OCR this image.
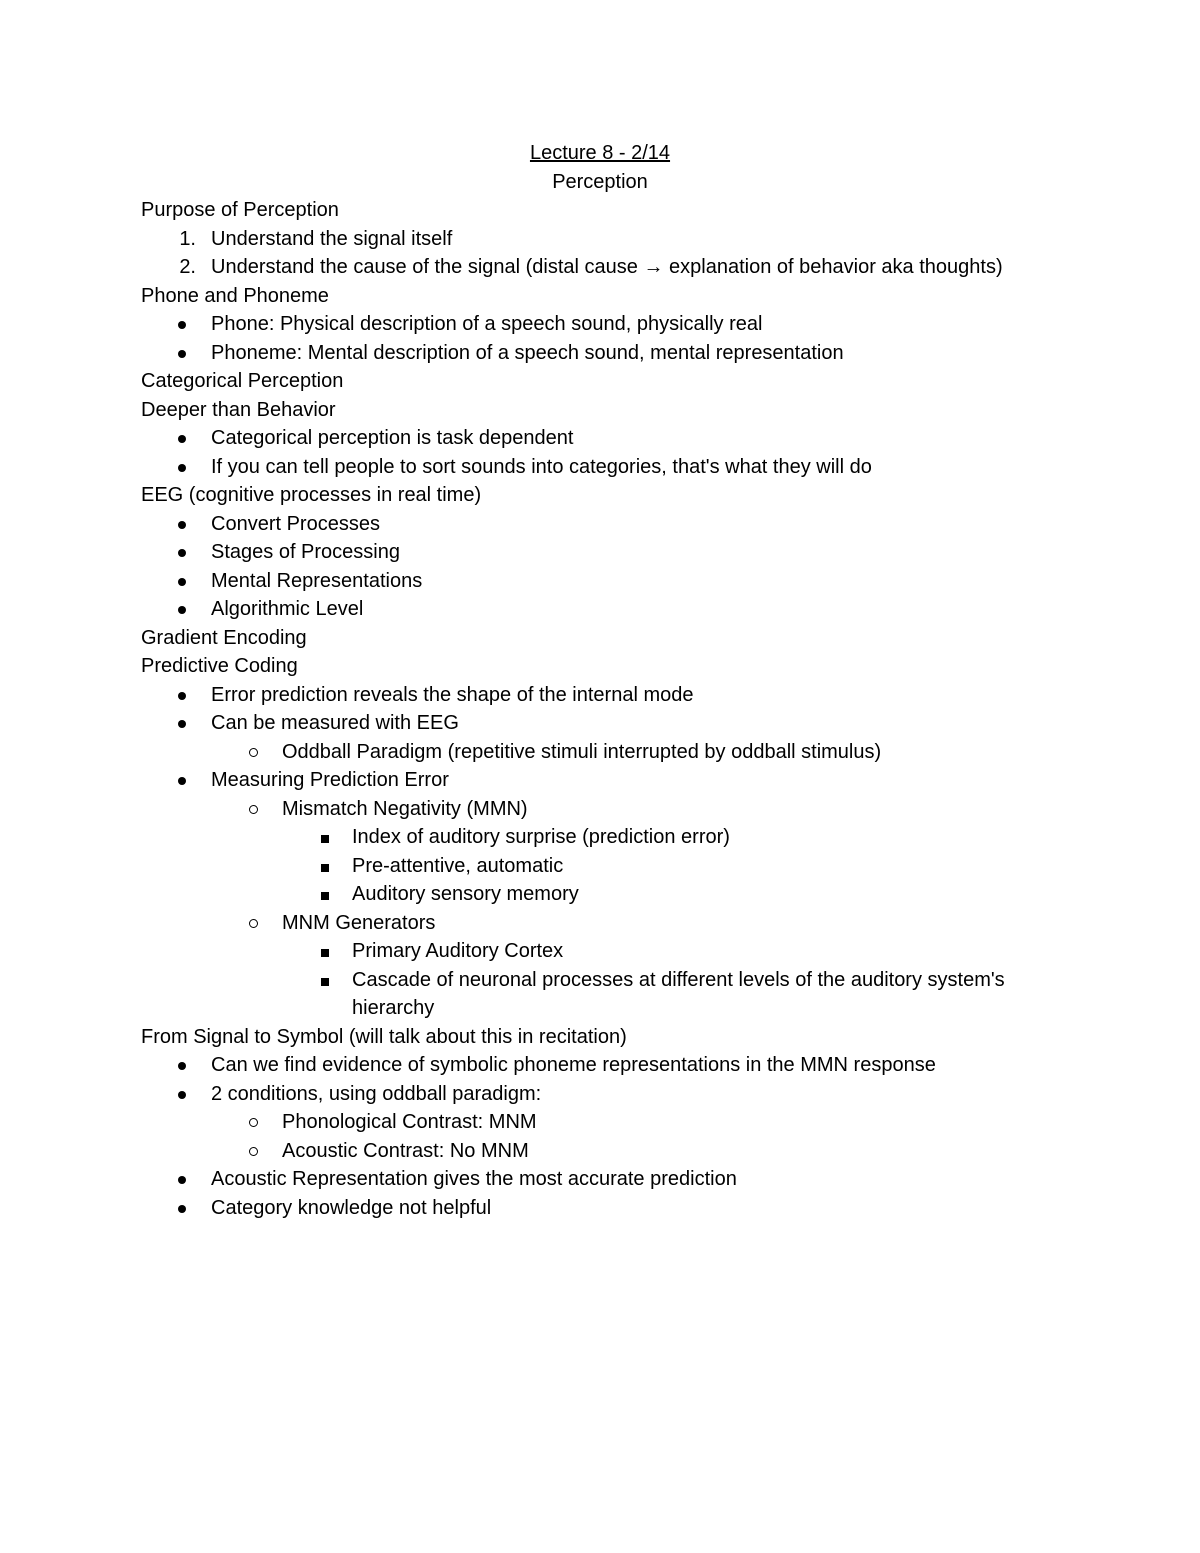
Lecture 8 - 2/14
Perception
Purpose of Perception
1. Understand the signal itself
2. Understand the cause of the signal (distal cause → explanation of behavior aka thoughts)
Phone and Phoneme
Phone: Physical description of a speech sound, physically real
Phoneme: Mental description of a speech sound, mental representation
Categorical Perception
Deeper than Behavior
Categorical perception is task dependent
If you can tell people to sort sounds into categories, that's what they will do
EEG (cognitive processes in real time)
Convert Processes
Stages of Processing
Mental Representations
Algorithmic Level
Gradient Encoding
Predictive Coding
Error prediction reveals the shape of the internal mode
Can be measured with EEG
Oddball Paradigm (repetitive stimuli interrupted by oddball stimulus)
Measuring Prediction Error
Mismatch Negativity (MMN)
Index of auditory surprise (prediction error)
Pre-attentive, automatic
Auditory sensory memory
MNM Generators
Primary Auditory Cortex
Cascade of neuronal processes at different levels of the auditory system's hierarchy
From Signal to Symbol (will talk about this in recitation)
Can we find evidence of symbolic phoneme representations in the MMN response
2 conditions, using oddball paradigm:
Phonological Contrast: MNM
Acoustic Contrast: No MNM
Acoustic Representation gives the most accurate prediction
Category knowledge not helpful
